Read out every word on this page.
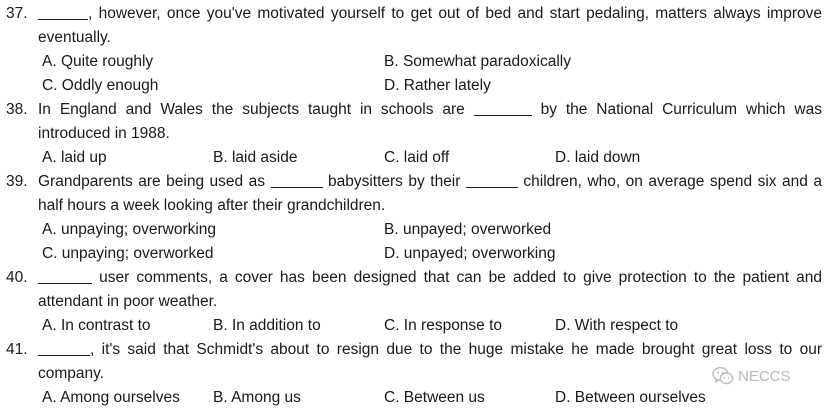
37.	, however, once you've motivated yourself to get out of bed and start pedaling, matters always improve
eventually.
A. Quite roughly	B. Somewhat paradoxically
C. Oddly enough	D. Rather lately
38. In England and Wales the subjects taught in schools are	by the National Curriculum which was
introduced in 1988.
A. laid up	B. laid aside	C. laid off	D. laid down
39. Grandparents are being used as	babysitters by their	children, who, on average spend six and a
half hours a week looking after their grandchildren.
A. unpaying; overworking	B. unpayed; overworked
C. unpaying; overworked	D. unpayed; overworking
40.	user comments, a cover has been designed that can be added to give protection to the patient and
attendant in poor weather.
A. In contrast to	B. In addition to	C. In response to	D. With respect to
41.	, it's said that Schmidt's about to resign due to the huge mistake he made brought great loss to our
company.
A. Among ourselves B. Among us	C. Between us	D. Between ourselves
NECCS
